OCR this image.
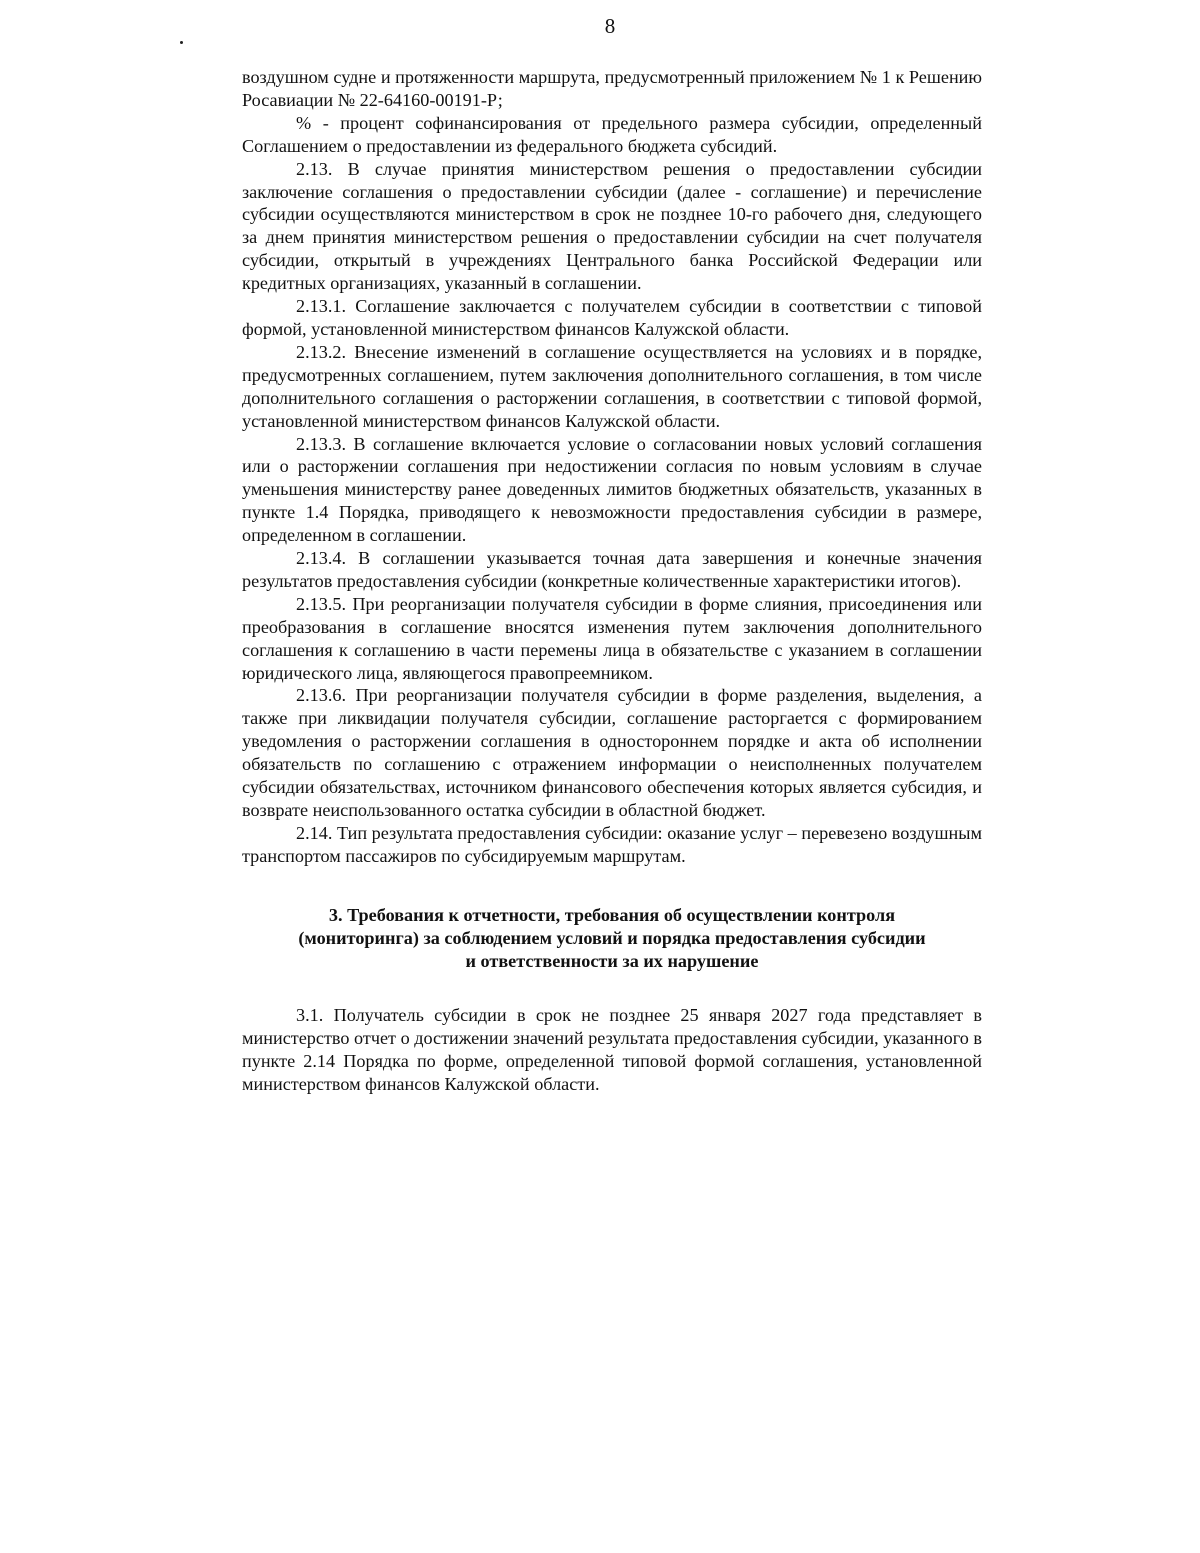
8

воздушном судне и протяженности маршрута, предусмотренный приложением № 1 к Решению Росавиации № 22-64160-00191-Р;

% - процент софинансирования от предельного размера субсидии, определенный Соглашением о предоставлении из федерального бюджета субсидий.

2.13. В случае принятия министерством решения о предоставлении субсидии заключение соглашения о предоставлении субсидии (далее - соглашение) и перечисление субсидии осуществляются министерством в срок не позднее 10-го рабочего дня, следующего за днем принятия министерством решения о предоставлении субсидии на счет получателя субсидии, открытый в учреждениях Центрального банка Российской Федерации или кредитных организациях, указанный в соглашении.

2.13.1. Соглашение заключается с получателем субсидии в соответствии с типовой формой, установленной министерством финансов Калужской области.

2.13.2. Внесение изменений в соглашение осуществляется на условиях и в порядке, предусмотренных соглашением, путем заключения дополнительного соглашения, в том числе дополнительного соглашения о расторжении соглашения, в соответствии с типовой формой, установленной министерством финансов Калужской области.

2.13.3. В соглашение включается условие о согласовании новых условий соглашения или о расторжении соглашения при недостижении согласия по новым условиям в случае уменьшения министерству ранее доведенных лимитов бюджетных обязательств, указанных в пункте 1.4 Порядка, приводящего к невозможности предоставления субсидии в размере, определенном в соглашении.

2.13.4. В соглашении указывается точная дата завершения и конечные значения результатов предоставления субсидии (конкретные количественные характеристики итогов).

2.13.5. При реорганизации получателя субсидии в форме слияния, присоединения или преобразования в соглашение вносятся изменения путем заключения дополнительного соглашения к соглашению в части перемены лица в обязательстве с указанием в соглашении юридического лица, являющегося правопреемником.

2.13.6. При реорганизации получателя субсидии в форме разделения, выделения, а также при ликвидации получателя субсидии, соглашение расторгается с формированием уведомления о расторжении соглашения в одностороннем порядке и акта об исполнении обязательств по соглашению с отражением информации о неисполненных получателем субсидии обязательствах, источником финансового обеспечения которых является субсидия, и возврате неиспользованного остатка субсидии в областной бюджет.

2.14. Тип результата предоставления субсидии: оказание услуг – перевезено воздушным транспортом пассажиров по субсидируемым маршрутам.

3. Требования к отчетности, требования об осуществлении контроля
(мониторинга) за соблюдением условий и порядка предоставления субсидии
и ответственности за их нарушение

3.1. Получатель субсидии в срок не позднее 25 января 2027 года представляет в министерство отчет о достижении значений результата предоставления субсидии, указанного в пункте 2.14 Порядка по форме, определенной типовой формой соглашения, установленной министерством финансов Калужской области.
